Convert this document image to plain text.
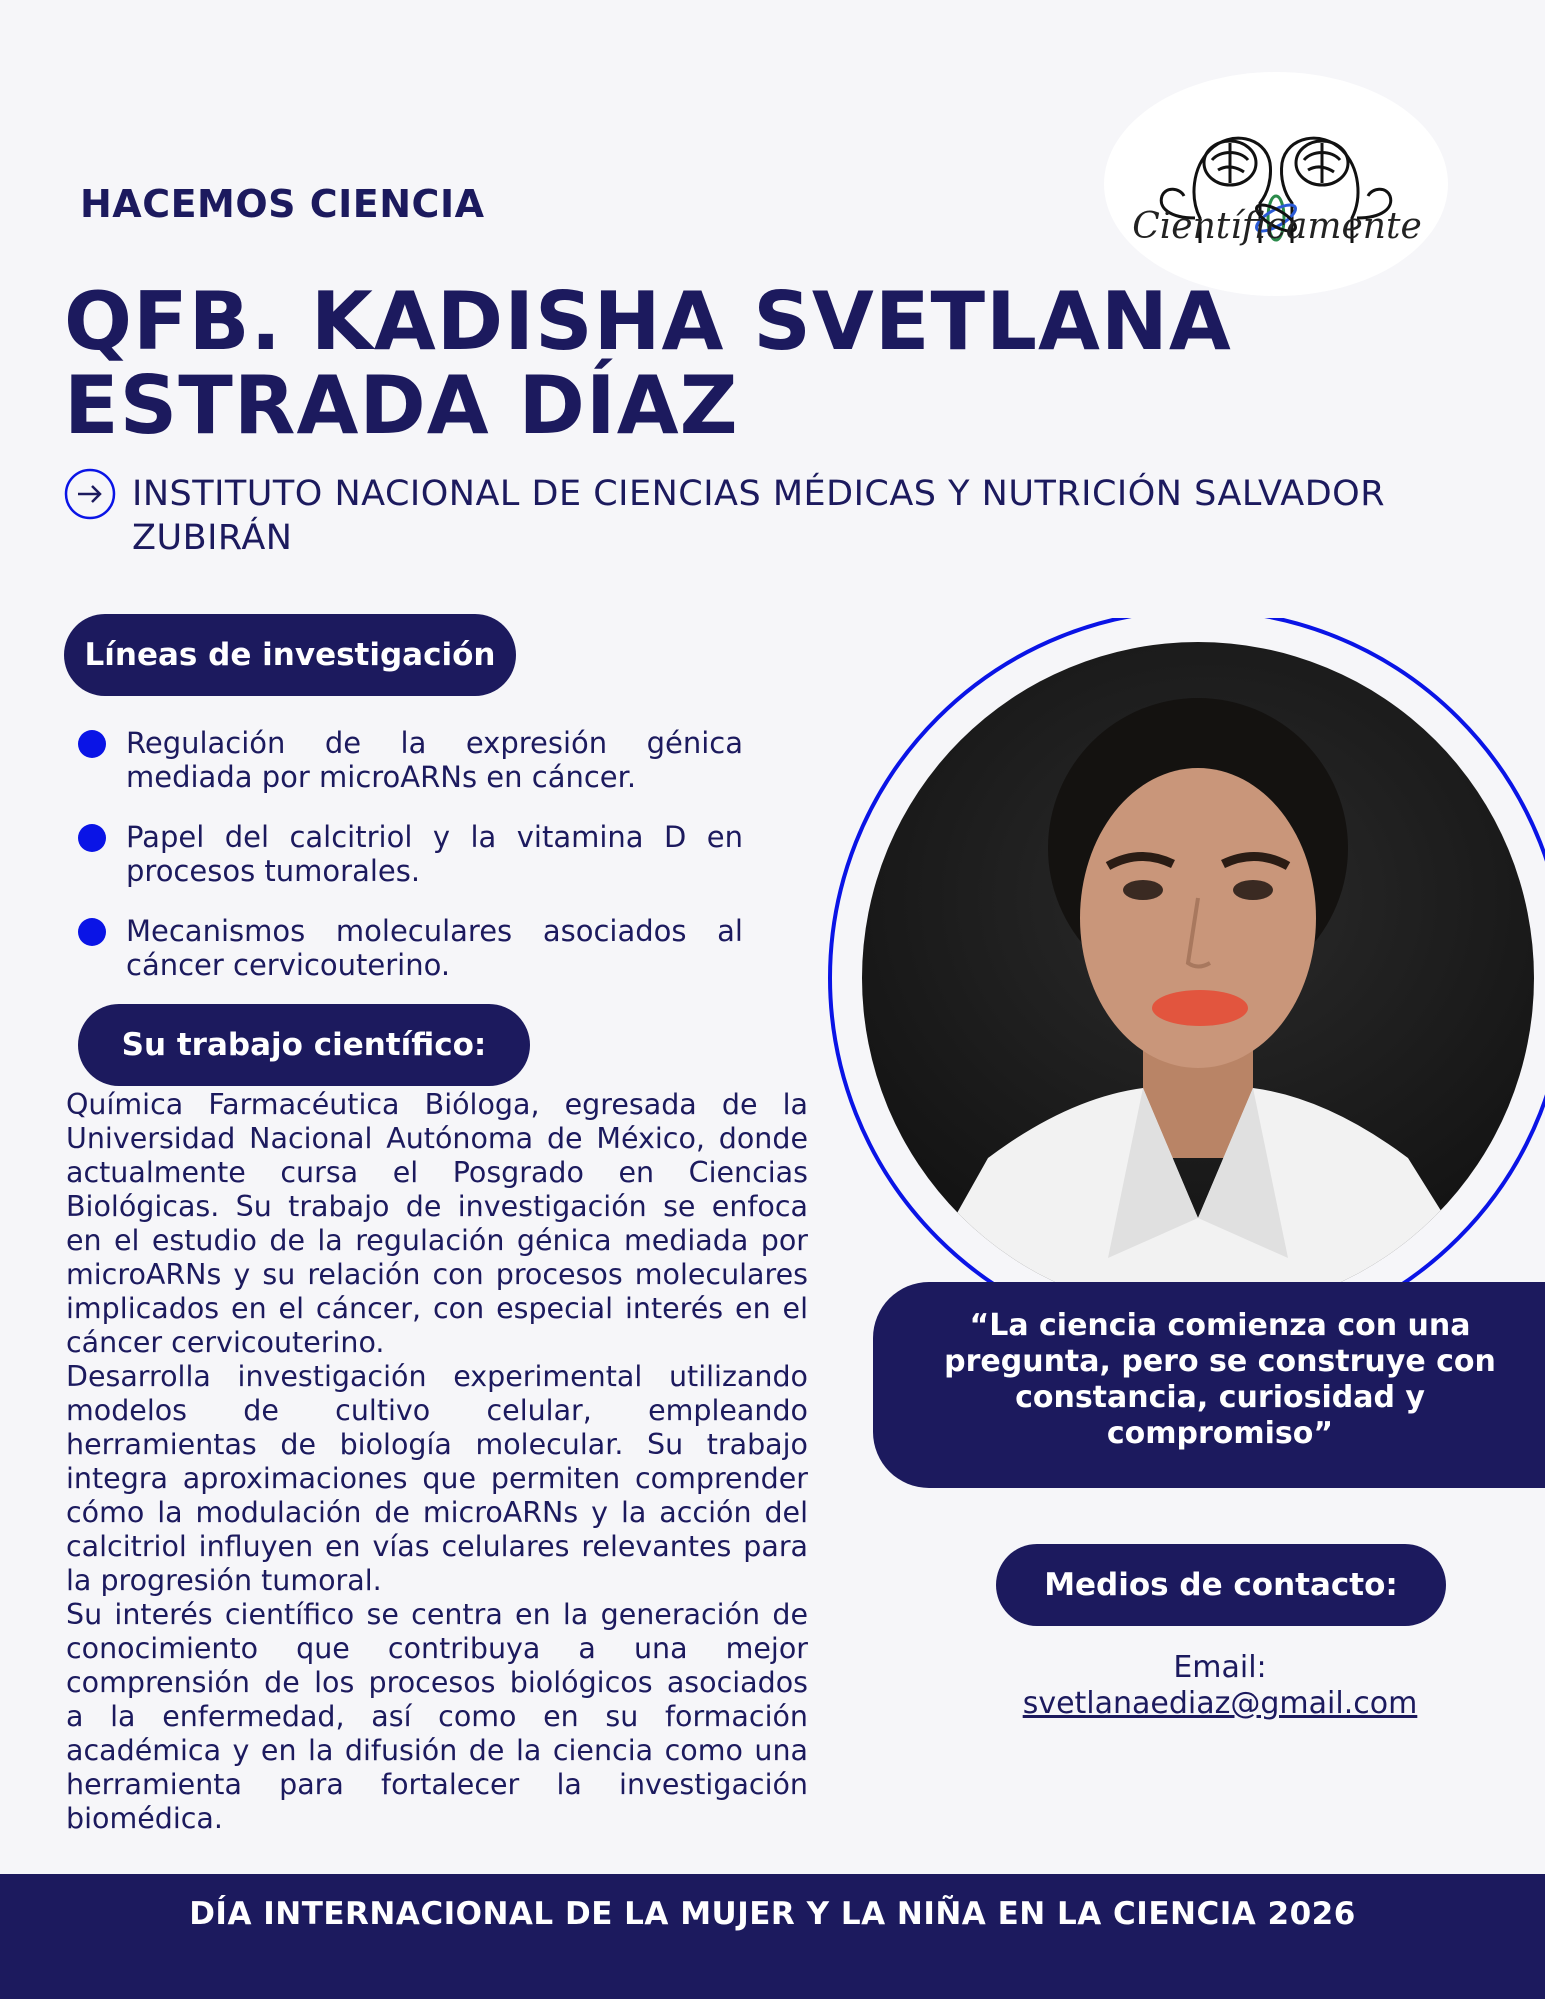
Científicamente
HACEMOS CIENCIA
QFB. KADISHA SVETLANA
ESTRADA DÍAZ
INSTITUTO NACIONAL DE CIENCIAS MÉDICAS Y NUTRICIÓN SALVADOR ZUBIRÁN
Líneas de investigación
Regulación de la expresión génica mediada por microARNs en cáncer.
Papel del calcitriol y la vitamina D en procesos tumorales.
Mecanismos moleculares asociados al cáncer cervicouterino.
Su trabajo científico:

Química Farmacéutica Bióloga, egresada de la Universidad Nacional Autónoma de México, donde actualmente cursa el Posgrado en Ciencias Biológicas. Su trabajo de investigación se enfoca en el estudio de la regulación génica mediada por microARNs y su relación con procesos moleculares implicados en el cáncer, con especial interés en el cáncer cervicouterino.

Desarrolla investigación experimental utilizando modelos de cultivo celular, empleando herramientas de biología molecular. Su trabajo integra aproximaciones que permiten comprender cómo la modulación de microARNs y la acción del calcitriol influyen en vías celulares relevantes para la progresión tumoral.

Su interés científico se centra en la generación de conocimiento que contribuya a una mejor comprensión de los procesos biológicos asociados a la enfermedad, así como en su formación académica y en la difusión de la ciencia como una herramienta para fortalecer la investigación biomédica.

“La ciencia comienza con una pregunta, pero se construye con constancia, curiosidad y compromiso”
Medios de contacto:
Email:
svetlanaediaz@gmail.com
DÍA INTERNACIONAL DE LA MUJER Y LA NIÑA EN LA CIENCIA 2026
